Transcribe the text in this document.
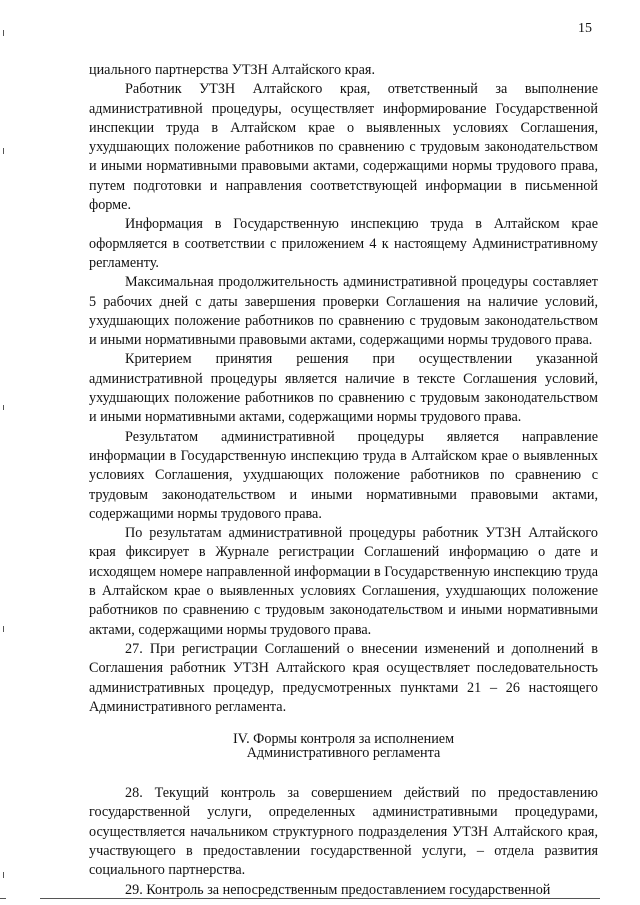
15

циального партнерства УТЗН Алтайского края.

Работник УТЗН Алтайского края, ответственный за выполнение административной процедуры, осуществляет информирование Государственной инспекции труда в Алтайском крае о выявленных условиях Соглашения, ухудшающих положение работников по сравнению с трудовым законодательством и иными нормативными правовыми актами, содержащими нормы трудового права, путем подготовки и направления соответствующей информации в письменной форме.

Информация в Государственную инспекцию труда в Алтайском крае оформляется в соответствии с приложением 4 к настоящему Административному регламенту.

Максимальная продолжительность административной процедуры составляет 5 рабочих дней с даты завершения проверки Соглашения на наличие условий, ухудшающих положение работников по сравнению с трудовым законодательством и иными нормативными правовыми актами, содержащими нормы трудового права.

Критерием принятия решения при осуществлении указанной административной процедуры является наличие в тексте Соглашения условий, ухудшающих положение работников по сравнению с трудовым законодательством и иными нормативными актами, содержащими нормы трудового права.

Результатом административной процедуры является направление информации в Государственную инспекцию труда в Алтайском крае о выявленных условиях Соглашения, ухудшающих положение работников по сравнению с трудовым законодательством и иными нормативными правовыми актами, содержащими нормы трудового права.

По результатам административной процедуры работник УТЗН Алтайского края фиксирует в Журнале регистрации Соглашений информацию о дате и исходящем номере направленной информации в Государственную инспекцию труда в Алтайском крае о выявленных условиях Соглашения, ухудшающих положение работников по сравнению с трудовым законодательством и иными нормативными актами, содержащими нормы трудового права.

27. При регистрации Соглашений о внесении изменений и дополнений в Соглашения работник УТЗН Алтайского края осуществляет последовательность административных процедур, предусмотренных пунктами 21 – 26 настоящего Административного регламента.

IV. Формы контроля за исполнением
Административного регламента

28. Текущий контроль за совершением действий по предоставлению государственной услуги, определенных административными процедурами, осуществляется начальником структурного подразделения УТЗН Алтайского края, участвующего в предоставлении государственной услуги, – отдела развития социального партнерства.

29. Контроль за непосредственным предоставлением государственной
